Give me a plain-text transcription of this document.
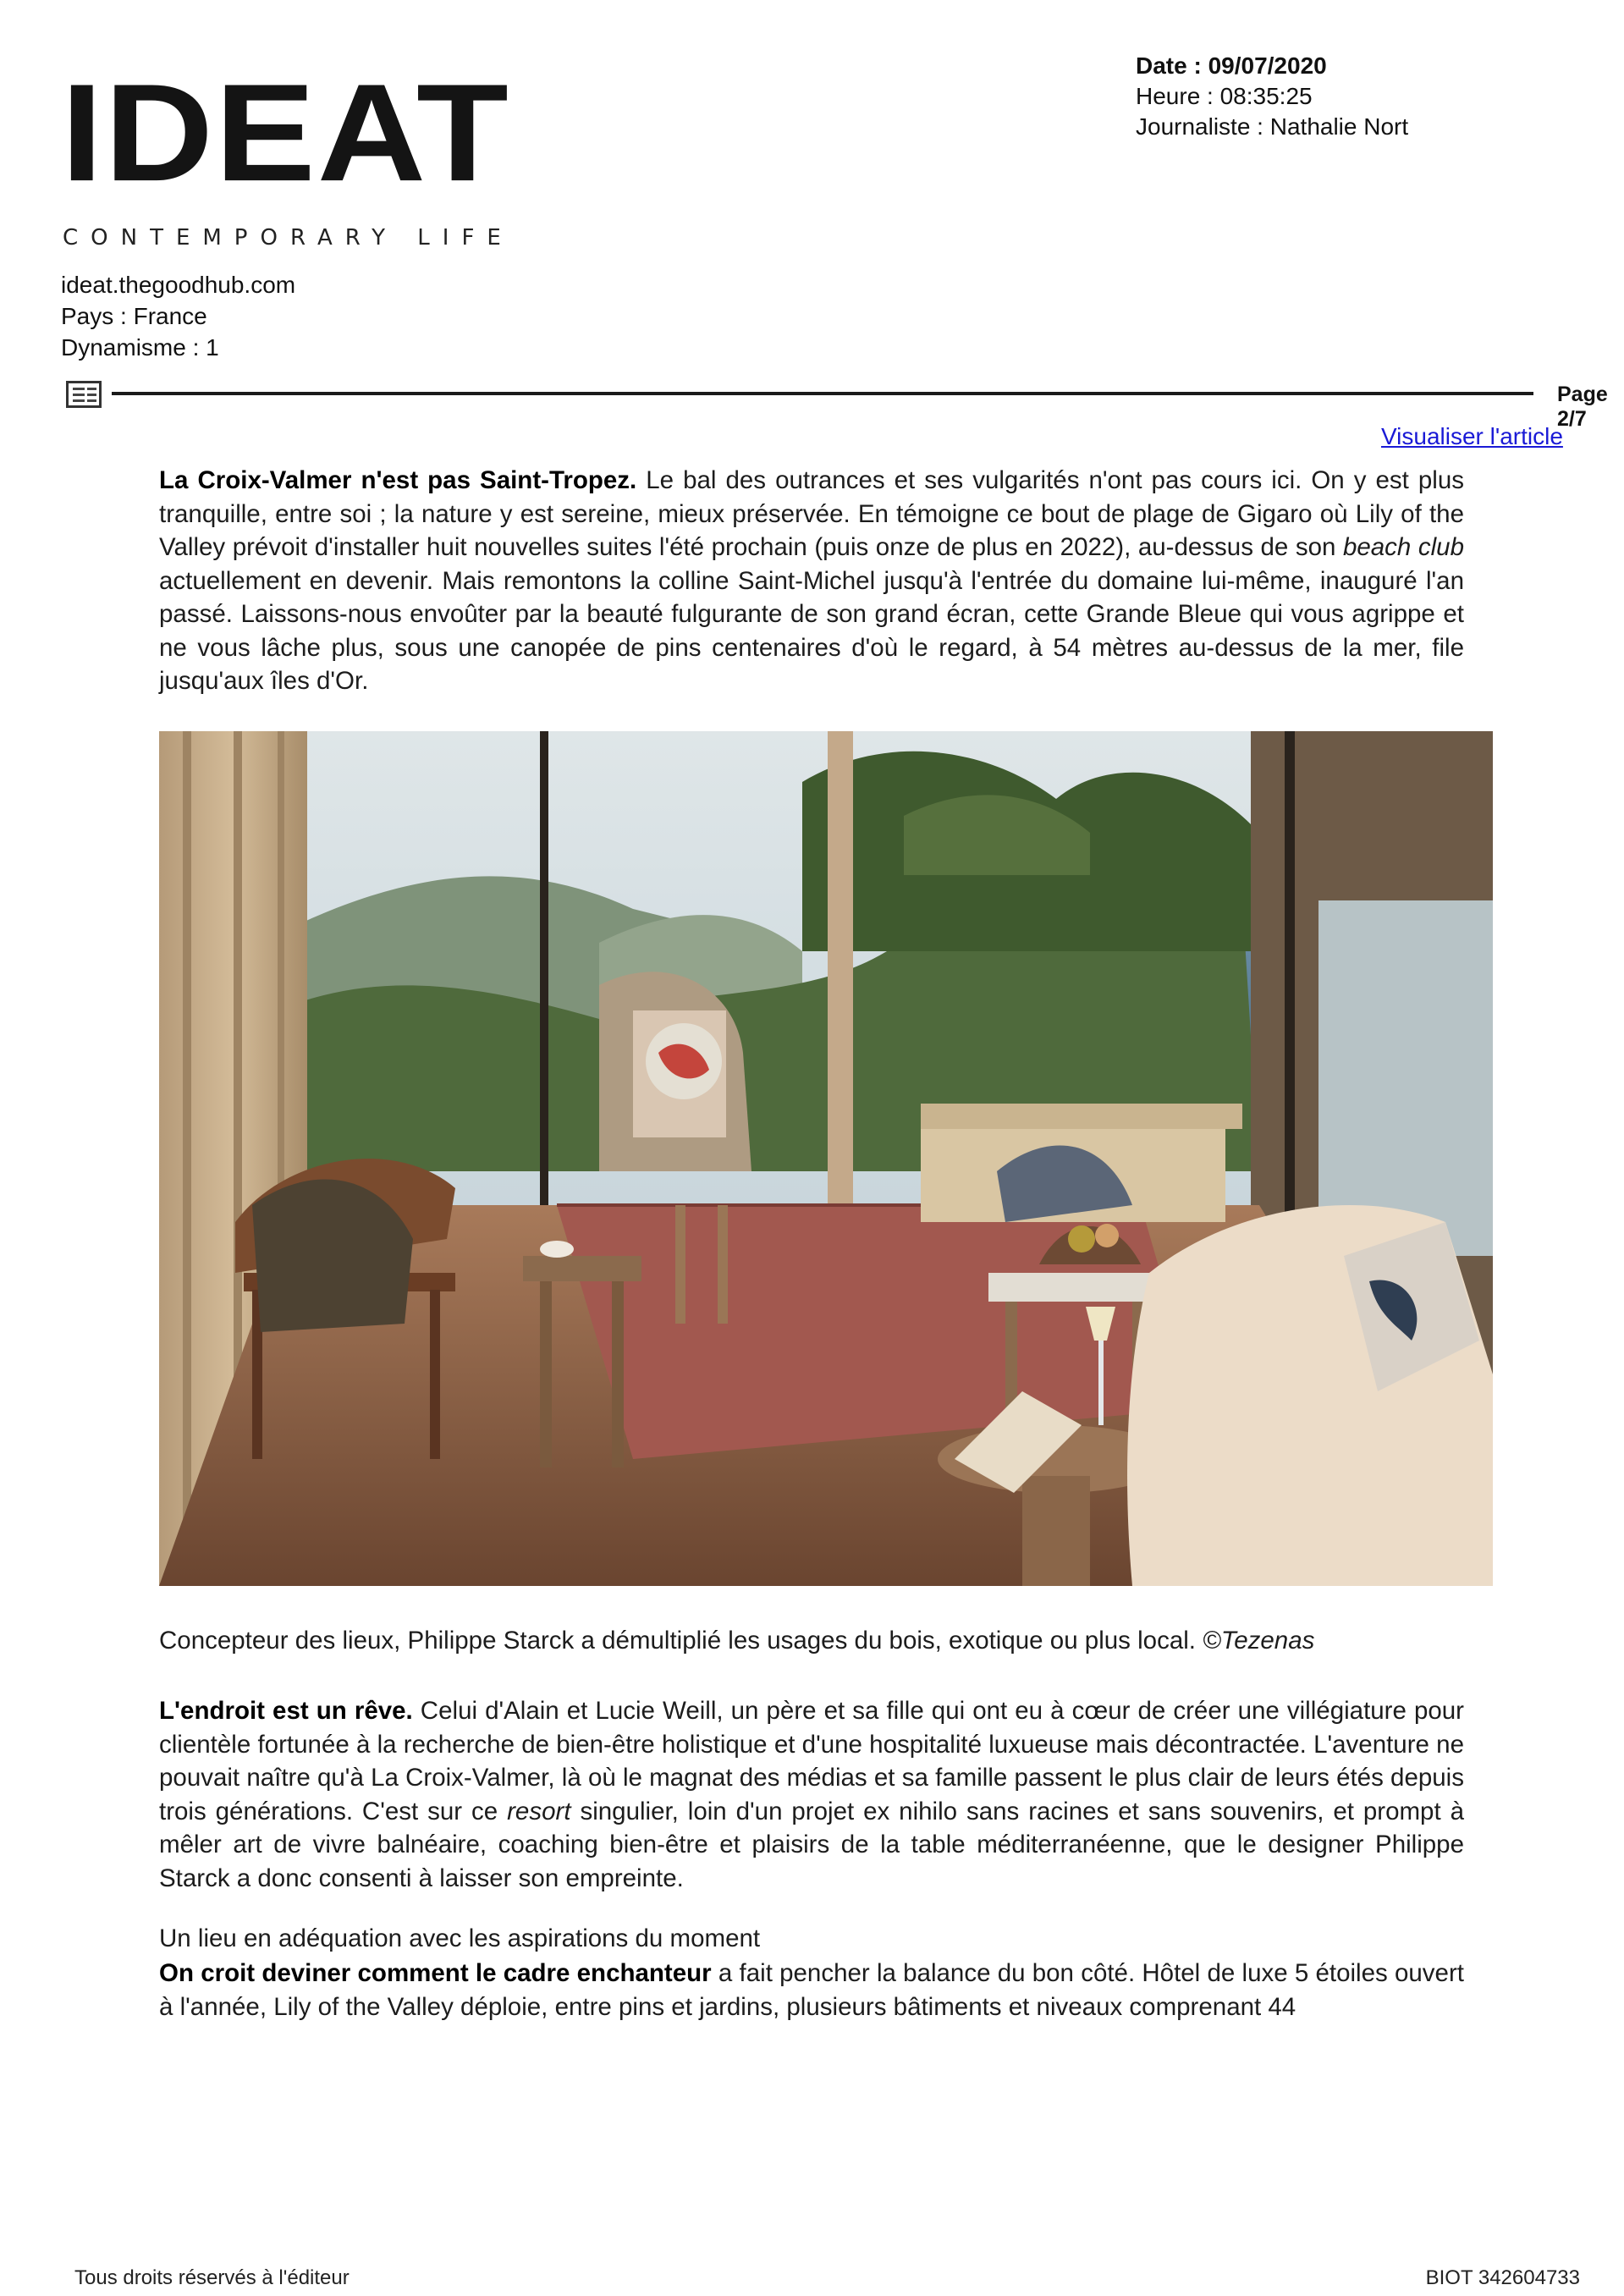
IDEAT
CONTEMPORARY LIFE
Date : 09/07/2020
Heure : 08:35:25
Journaliste : Nathalie Nort
ideat.thegoodhub.com
Pays : France
Dynamisme : 1
Page 2/7
Visualiser l'article
La Croix-Valmer n'est pas Saint-Tropez. Le bal des outrances et ses vulgarités n'ont pas cours ici. On y est plus tranquille, entre soi ; la nature y est sereine, mieux préservée. En témoigne ce bout de plage de Gigaro où Lily of the Valley prévoit d'installer huit nouvelles suites l'été prochain (puis onze de plus en 2022), au-dessus de son beach club actuellement en devenir. Mais remontons la colline Saint-Michel jusqu'à l'entrée du domaine lui-même, inauguré l'an passé. Laissons-nous envoûter par la beauté fulgurante de son grand écran, cette Grande Bleue qui vous agrippe et ne vous lâche plus, sous une canopée de pins centenaires d'où le regard, à 54 mètres au-dessus de la mer, file jusqu'aux îles d'Or.
Concepteur des lieux, Philippe Starck a démultiplié les usages du bois, exotique ou plus local. ©Tezenas
L'endroit est un rêve. Celui d'Alain et Lucie Weill, un père et sa fille qui ont eu à cœur de créer une villégiature pour clientèle fortunée à la recherche de bien-être holistique et d'une hospitalité luxueuse mais décontractée. L'aventure ne pouvait naître qu'à La Croix-Valmer, là où le magnat des médias et sa famille passent le plus clair de leurs étés depuis trois générations. C'est sur ce resort singulier, loin d'un projet ex nihilo sans racines et sans souvenirs, et prompt à mêler art de vivre balnéaire, coaching bien-être et plaisirs de la table méditerranéenne, que le designer Philippe Starck a donc consenti à laisser son empreinte.
Un lieu en adéquation avec les aspirations du moment
On croit deviner comment le cadre enchanteur a fait pencher la balance du bon côté. Hôtel de luxe 5 étoiles ouvert à l'année, Lily of the Valley déploie, entre pins et jardins, plusieurs bâtiments et niveaux comprenant 44
Tous droits réservés à l'éditeur	BIOT 342604733
